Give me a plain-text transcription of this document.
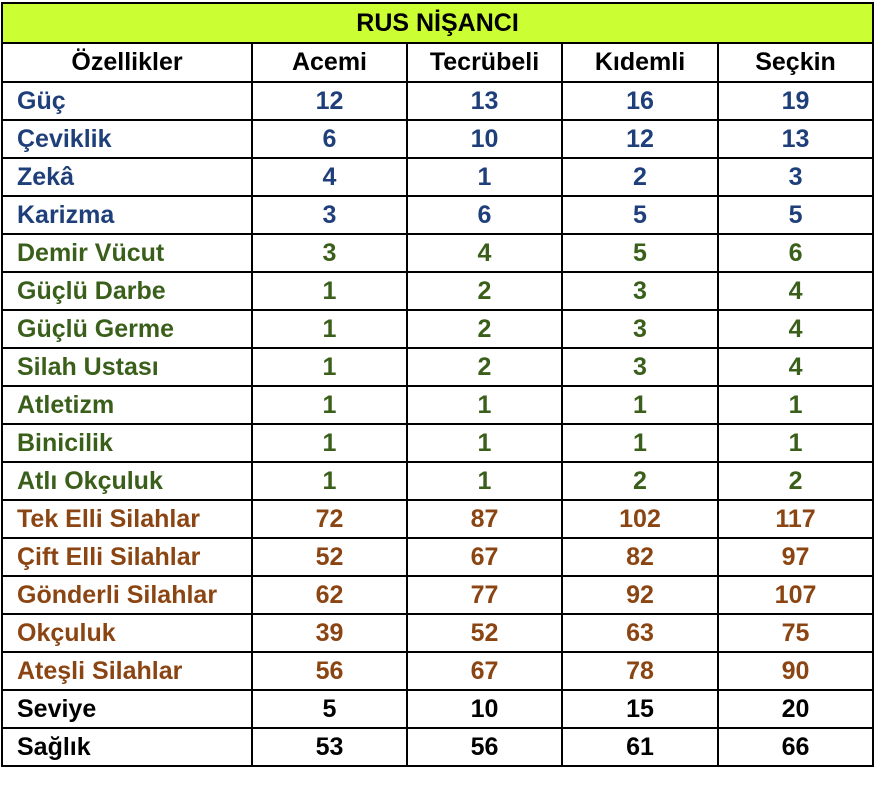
RUS NİŞANCI				
Özellikler	Acemi	Tecrübeli	Kıdemli	Seçkin
Güç	12	13	16	19
Çeviklik	6	10	12	13
Zekâ	4	1	2	3
Karizma	3	6	5	5
Demir Vücut	3	4	5	6
Güçlü Darbe	1	2	3	4
Güçlü Germe	1	2	3	4
Silah Ustası	1	2	3	4
Atletizm	1	1	1	1
Binicilik	1	1	1	1
Atlı Okçuluk	1	1	2	2
Tek Elli Silahlar	72	87	102	117
Çift Elli Silahlar	52	67	82	97
Gönderli Silahlar	62	77	92	107
Okçuluk	39	52	63	75
Ateşli Silahlar	56	67	78	90
Seviye	5	10	15	20
Sağlık	53	56	61	66
